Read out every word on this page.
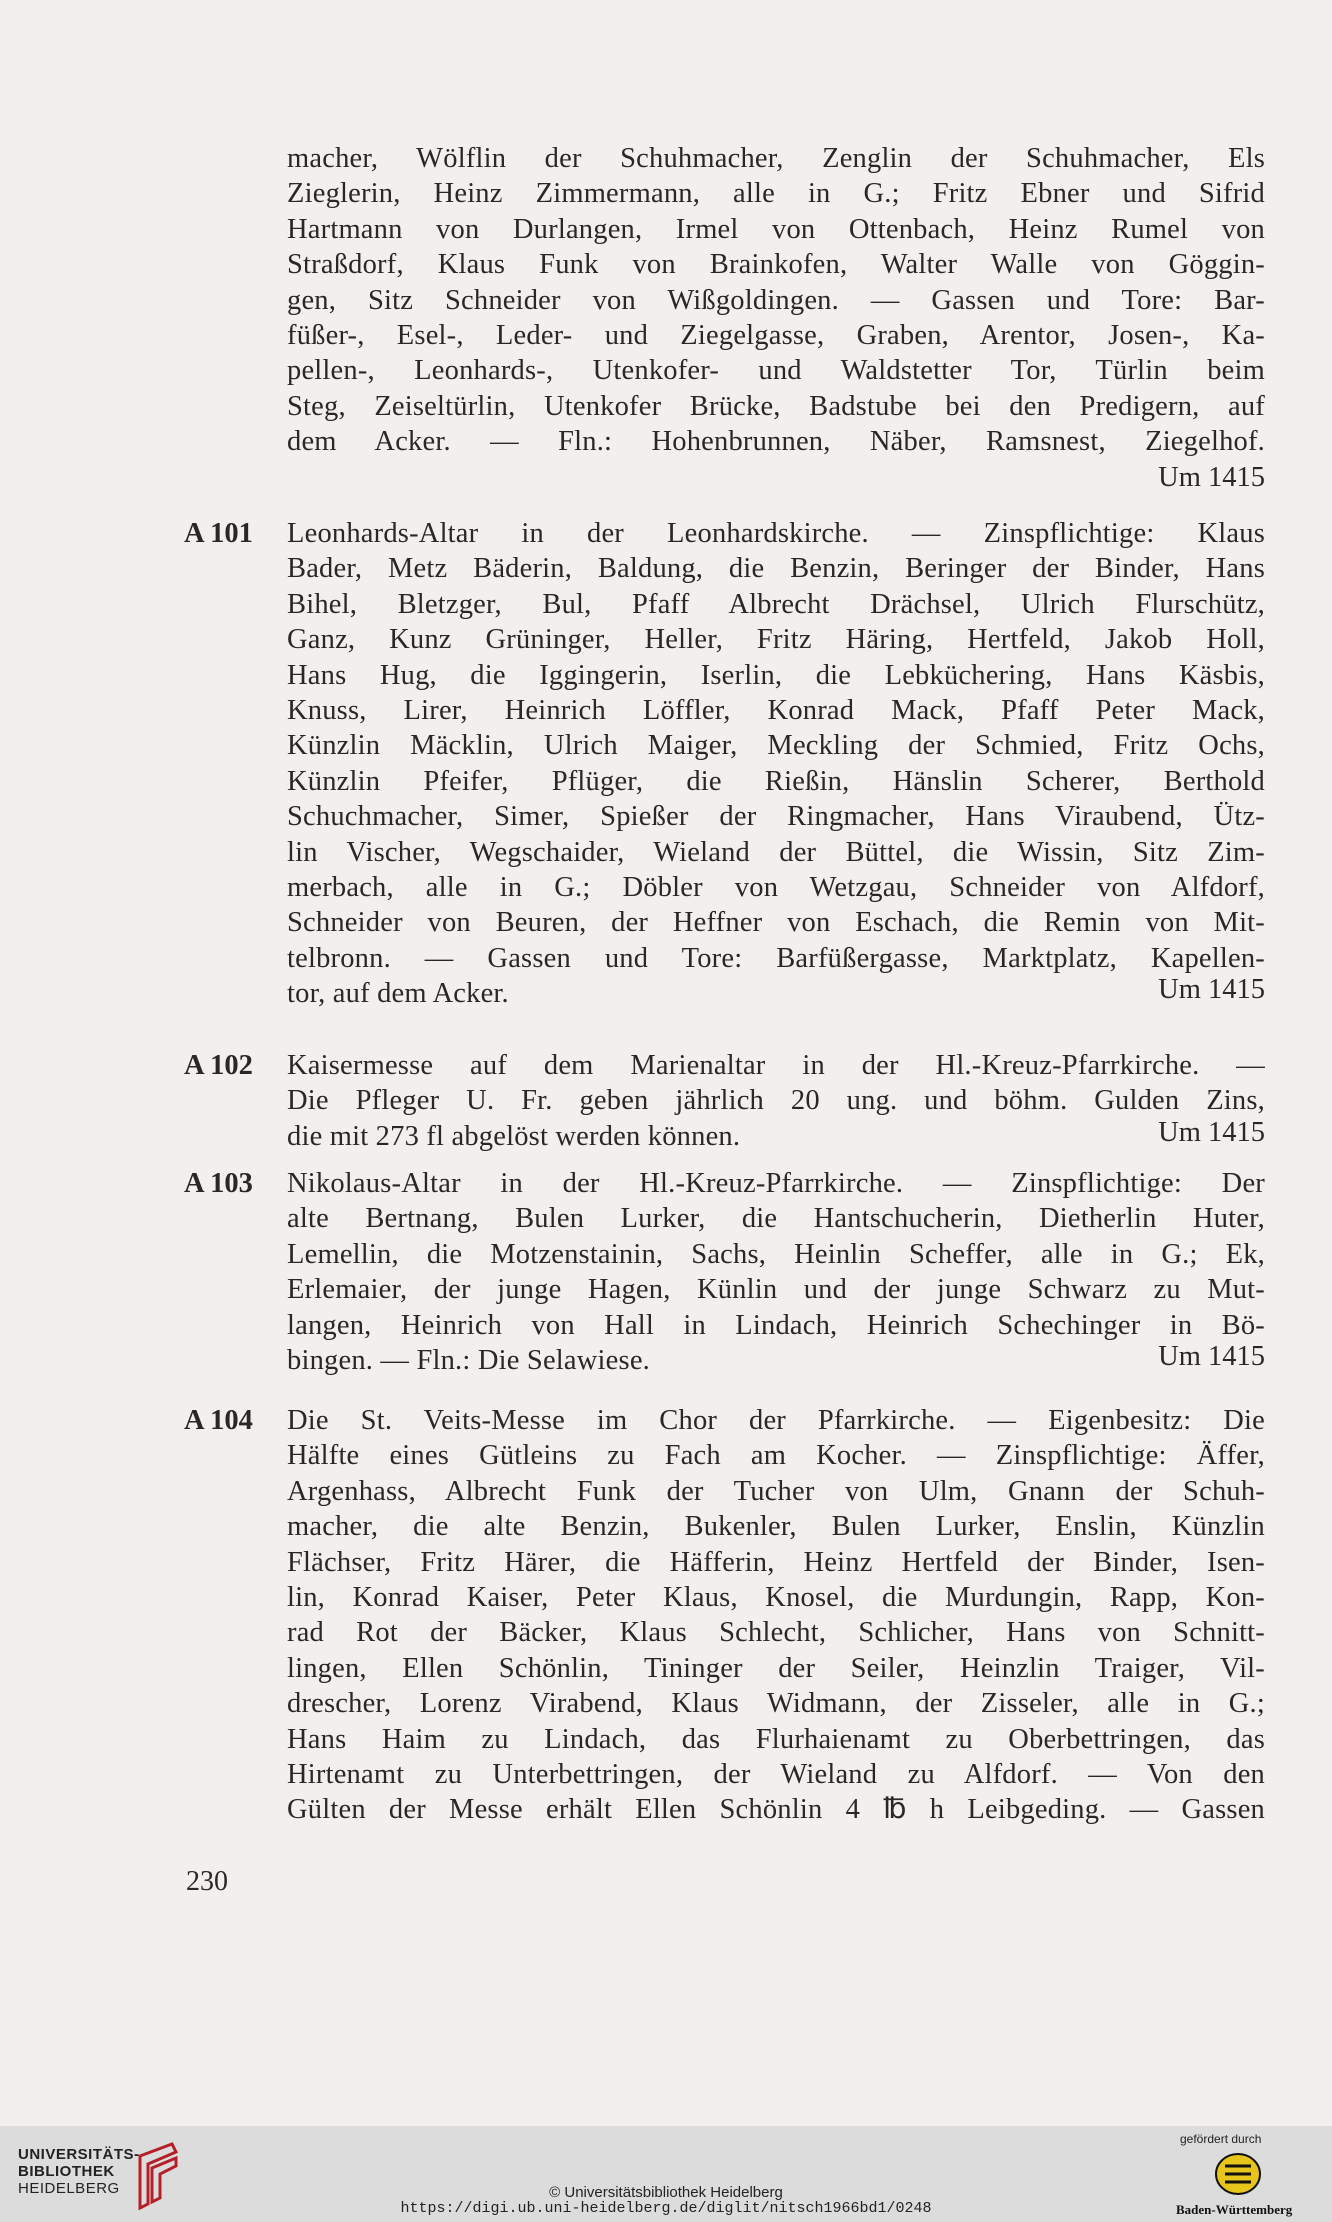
macher, Wölflin der Schuhmacher, Zenglin der Schuhmacher, Els
Zieglerin, Heinz Zimmermann, alle in G.; Fritz Ebner und Sifrid
Hartmann von Durlangen, Irmel von Ottenbach, Heinz Rumel von
Straßdorf, Klaus Funk von Brainkofen, Walter Walle von Göggin-
gen, Sitz Schneider von Wißgoldingen. — Gassen und Tore: Bar-
füßer-, Esel-, Leder- und Ziegelgasse, Graben, Arentor, Josen-, Ka-
pellen-, Leonhards-, Utenkofer- und Waldstetter Tor, Türlin beim
Steg, Zeiseltürlin, Utenkofer Brücke, Badstube bei den Predigern, auf
dem Acker. — Fln.: Hohenbrunnen, Näber, Ramsnest, Ziegelhof.
Um 1415
A 101 Leonhards-Altar in der Leonhardskirche. — Zinspflichtige: Klaus
Bader, Metz Bäderin, Baldung, die Benzin, Beringer der Binder, Hans
Bihel, Bletzger, Bul, Pfaff Albrecht Drächsel, Ulrich Flurschütz,
Ganz, Kunz Grüninger, Heller, Fritz Häring, Hertfeld, Jakob Holl,
Hans Hug, die Iggingerin, Iserlin, die Lebküchering, Hans Käsbis,
Knuss, Lirer, Heinrich Löffler, Konrad Mack, Pfaff Peter Mack,
Künzlin Mäcklin, Ulrich Maiger, Meckling der Schmied, Fritz Ochs,
Künzlin Pfeifer, Pflüger, die Rießin, Hänslin Scherer, Berthold
Schuchmacher, Simer, Spießer der Ringmacher, Hans Viraubend, Ütz-
lin Vischer, Wegschaider, Wieland der Büttel, die Wissin, Sitz Zim-
merbach, alle in G.; Döbler von Wetzgau, Schneider von Alfdorf,
Schneider von Beuren, der Heffner von Eschach, die Remin von Mit-
telbronn. — Gassen und Tore: Barfüßergasse, Marktplatz, Kapellen-
tor, auf dem Acker.	Um 1415
A 102 Kaisermesse auf dem Marienaltar in der Hl.-Kreuz-Pfarrkirche. —
Die Pfleger U. Fr. geben jährlich 20 ung. und böhm. Gulden Zins,
die mit 273 fl abgelöst werden können.	Um 1415
A 103 Nikolaus-Altar in der Hl.-Kreuz-Pfarrkirche. — Zinspflichtige: Der
alte Bertnang, Bulen Lurker, die Hantschucherin, Dietherlin Huter,
Lemellin, die Motzenstainin, Sachs, Heinlin Scheffer, alle in G.; Ek,
Erlemaier, der junge Hagen, Künlin und der junge Schwarz zu Mut-
langen, Heinrich von Hall in Lindach, Heinrich Schechinger in Bö-
bingen. — Fln.: Die Selawiese.	Um 1415
A 104 Die St. Veits-Messe im Chor der Pfarrkirche. — Eigenbesitz: Die
Hälfte eines Gütleins zu Fach am Kocher. — Zinspflichtige: Äffer,
Argenhass, Albrecht Funk der Tucher von Ulm, Gnann der Schuh-
macher, die alte Benzin, Bukenler, Bulen Lurker, Enslin, Künzlin
Flächser, Fritz Härer, die Häfferin, Heinz Hertfeld der Binder, Isen-
lin, Konrad Kaiser, Peter Klaus, Knosel, die Murdungin, Rapp, Kon-
rad Rot der Bäcker, Klaus Schlecht, Schlicher, Hans von Schnitt-
lingen, Ellen Schönlin, Tininger der Seiler, Heinzlin Traiger, Vil-
drescher, Lorenz Virabend, Klaus Widmann, der Zisseler, alle in G.;
Hans Haim zu Lindach, das Flurhaienamt zu Oberbettringen, das
Hirtenamt zu Unterbettringen, der Wieland zu Alfdorf. — Von den
Gülten der Messe erhält Ellen Schönlin 4 ℔ h Leibgeding. — Gassen
230
UNIVERSITÄTS-
BIBLIOTHEK
HEIDELBERG	© Universitätsbibliothek Heidelberg
https://digi.ub.uni-heidelberg.de/diglit/nitsch1966bd1/0248
gefördert durch
Baden-Württemberg
